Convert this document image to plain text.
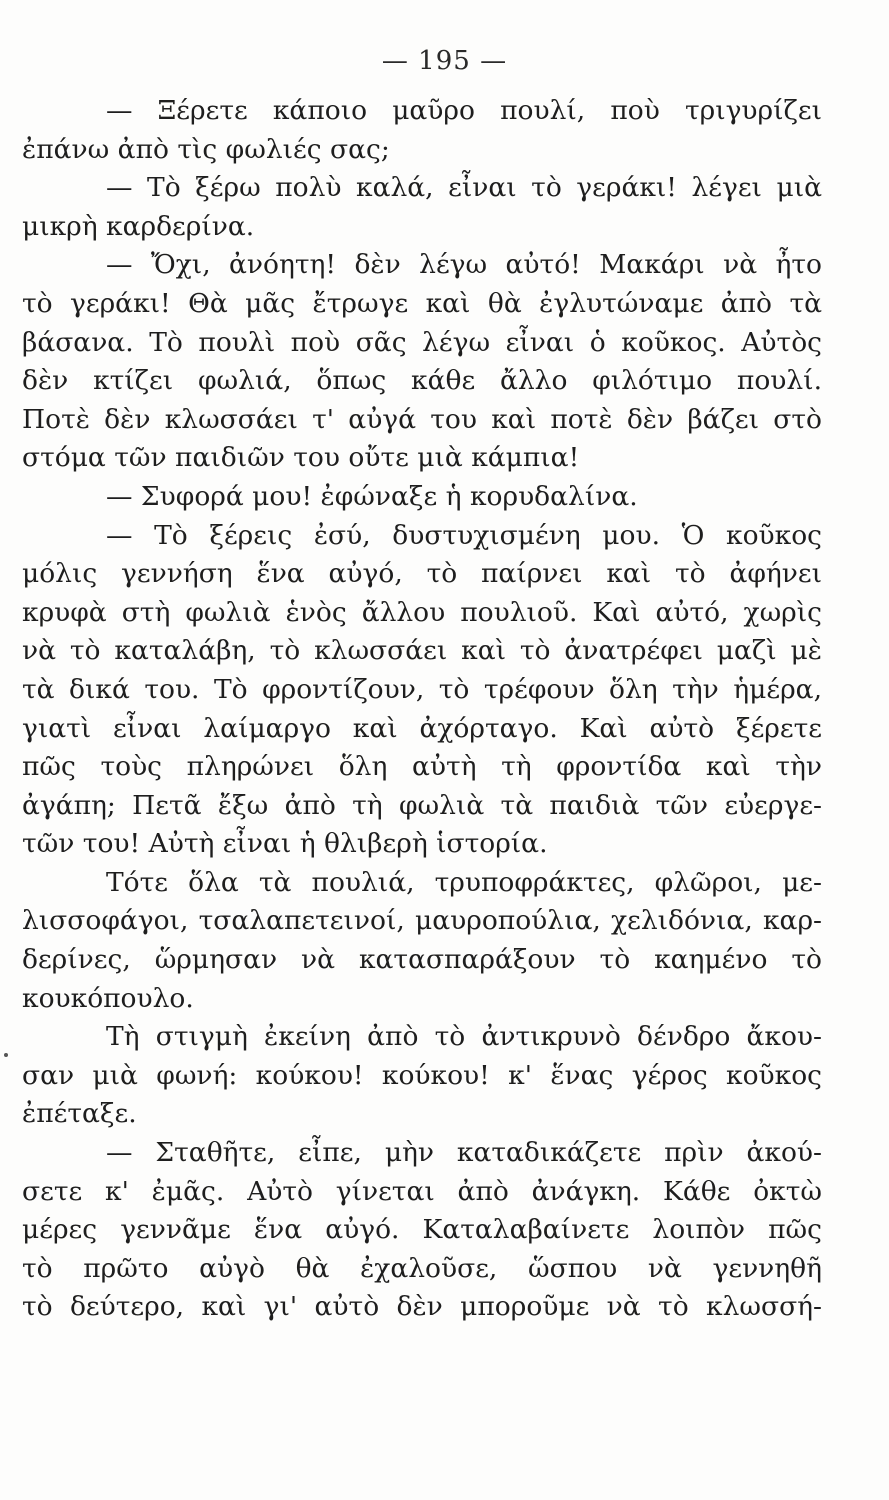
— 195 —
— Ξέρετε κάποιο μαῦρο πουλί, ποὺ τριγυρίζει
ἐπάνω ἀπὸ τὶς φωλιές σας;
— Τὸ ξέρω πολὺ καλά, εἶναι τὸ γεράκι! λέγει μιὰ
μικρὴ καρδερίνα.
— Ὄχι, ἀνόητη! δὲν λέγω αὐτό! Μακάρι νὰ ἦτο
τὸ γεράκι! Θὰ μᾶς ἔτρωγε καὶ θὰ ἐγλυτώναμε ἀπὸ τὰ
βάσανα. Τὸ πουλὶ ποὺ σᾶς λέγω εἶναι ὁ κοῦκος. Αὐτὸς
δὲν κτίζει φωλιά, ὅπως κάθε ἄλλο φιλότιμο πουλί.
Ποτὲ δὲν κλωσσάει τ' αὐγά του καὶ ποτὲ δὲν βάζει στὸ
στόμα τῶν παιδιῶν του οὔτε μιὰ κάμπια!
— Συφορά μου! ἐφώναξε ἡ κορυδαλίνα.
— Τὸ ξέρεις ἐσύ, δυστυχισμένη μου. Ὁ κοῦκος
μόλις γεννήση ἕνα αὐγό, τὸ παίρνει καὶ τὸ ἀφήνει
κρυφὰ στὴ φωλιὰ ἑνὸς ἄλλου πουλιοῦ. Καὶ αὐτό, χωρὶς
νὰ τὸ καταλάβη, τὸ κλωσσάει καὶ τὸ ἀνατρέφει μαζὶ μὲ
τὰ δικά του. Τὸ φροντίζουν, τὸ τρέφουν ὅλη τὴν ἡμέρα,
γιατὶ εἶναι λαίμαργο καὶ ἀχόρταγο. Καὶ αὐτὸ ξέρετε
πῶς τοὺς πληρώνει ὅλη αὐτὴ τὴ φροντίδα καὶ τὴν
ἀγάπη; Πετᾶ ἔξω ἀπὸ τὴ φωλιὰ τὰ παιδιὰ τῶν εὐεργε-
τῶν του! Αὐτὴ εἶναι ἡ θλιβερὴ ἱστορία.
Τότε ὅλα τὰ πουλιά, τρυποφράκτες, φλῶροι, με-
λισσοφάγοι, τσαλαπετεινοί, μαυροπούλια, χελιδόνια, καρ-
δερίνες, ὥρμησαν νὰ κατασπαράξουν τὸ καημένο τὸ
κουκόπουλο.
Τὴ στιγμὴ ἐκείνη ἀπὸ τὸ ἀντικρυνὸ δένδρο ἄκου-
σαν μιὰ φωνή: κούκου! κούκου! κ' ἕνας γέρος κοῦκος
ἐπέταξε.
— Σταθῆτε, εἶπε, μὴν καταδικάζετε πρὶν ἀκού-
σετε κ' ἐμᾶς. Αὐτὸ γίνεται ἀπὸ ἀνάγκη. Κάθε ὀκτὼ
μέρες γεννᾶμε ἕνα αὐγό. Καταλαβαίνετε λοιπὸν πῶς
τὸ πρῶτο αὐγὸ θὰ ἐχαλοῦσε, ὥσπου νὰ γεννηθῆ
τὸ δεύτερο, καὶ γι' αὐτὸ δὲν μποροῦμε νὰ τὸ κλωσσή-
